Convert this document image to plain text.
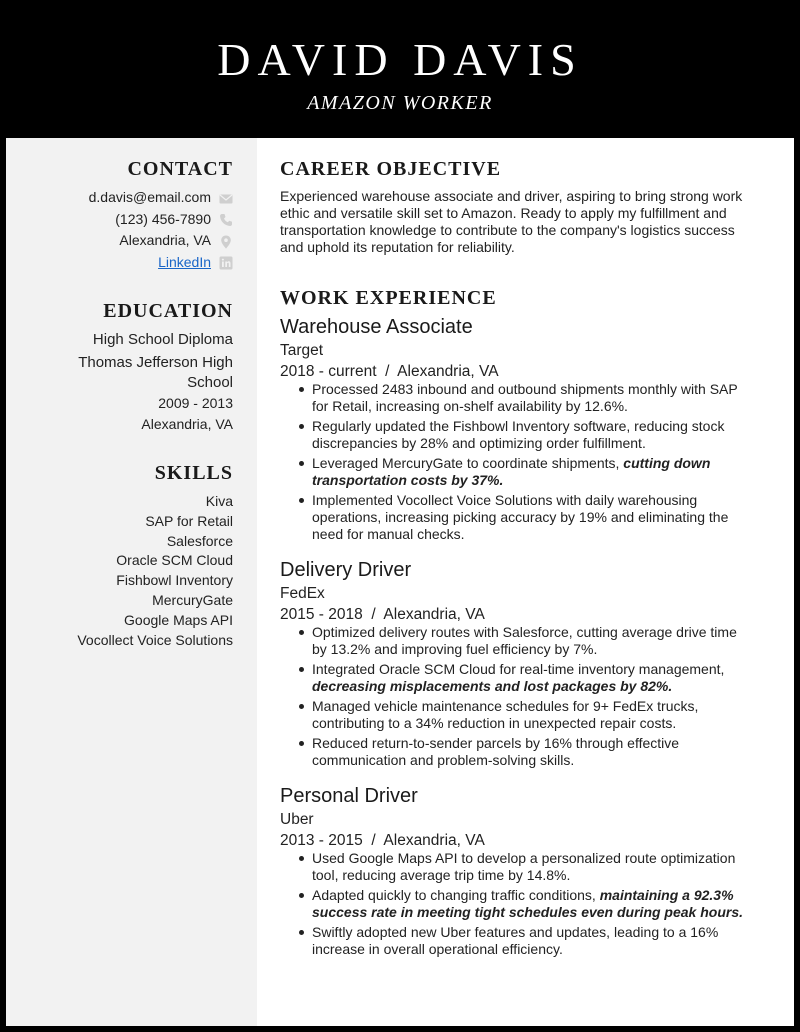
DAVID DAVIS
AMAZON WORKER
CONTACT
d.davis@email.com
(123) 456-7890
Alexandria, VA
LinkedIn
EDUCATION
High School Diploma
Thomas Jefferson High School
2009 - 2013
Alexandria, VA
SKILLS
Kiva
SAP for Retail
Salesforce
Oracle SCM Cloud
Fishbowl Inventory
MercuryGate
Google Maps API
Vocollect Voice Solutions
CAREER OBJECTIVE
Experienced warehouse associate and driver, aspiring to bring strong work ethic and versatile skill set to Amazon. Ready to apply my fulfillment and transportation knowledge to contribute to the company's logistics success and uphold its reputation for reliability.
WORK EXPERIENCE
Warehouse Associate
Target
2018 - current  /  Alexandria, VA
Processed 2483 inbound and outbound shipments monthly with SAP for Retail, increasing on-shelf availability by 12.6%.
Regularly updated the Fishbowl Inventory software, reducing stock discrepancies by 28% and optimizing order fulfillment.
Leveraged MercuryGate to coordinate shipments, cutting down transportation costs by 37%.
Implemented Vocollect Voice Solutions with daily warehousing operations, increasing picking accuracy by 19% and eliminating the need for manual checks.
Delivery Driver
FedEx
2015 - 2018  /  Alexandria, VA
Optimized delivery routes with Salesforce, cutting average drive time by 13.2% and improving fuel efficiency by 7%.
Integrated Oracle SCM Cloud for real-time inventory management, decreasing misplacements and lost packages by 82%.
Managed vehicle maintenance schedules for 9+ FedEx trucks, contributing to a 34% reduction in unexpected repair costs.
Reduced return-to-sender parcels by 16% through effective communication and problem-solving skills.
Personal Driver
Uber
2013 - 2015  /  Alexandria, VA
Used Google Maps API to develop a personalized route optimization tool, reducing average trip time by 14.8%.
Adapted quickly to changing traffic conditions, maintaining a 92.3% success rate in meeting tight schedules even during peak hours.
Swiftly adopted new Uber features and updates, leading to a 16% increase in overall operational efficiency.
